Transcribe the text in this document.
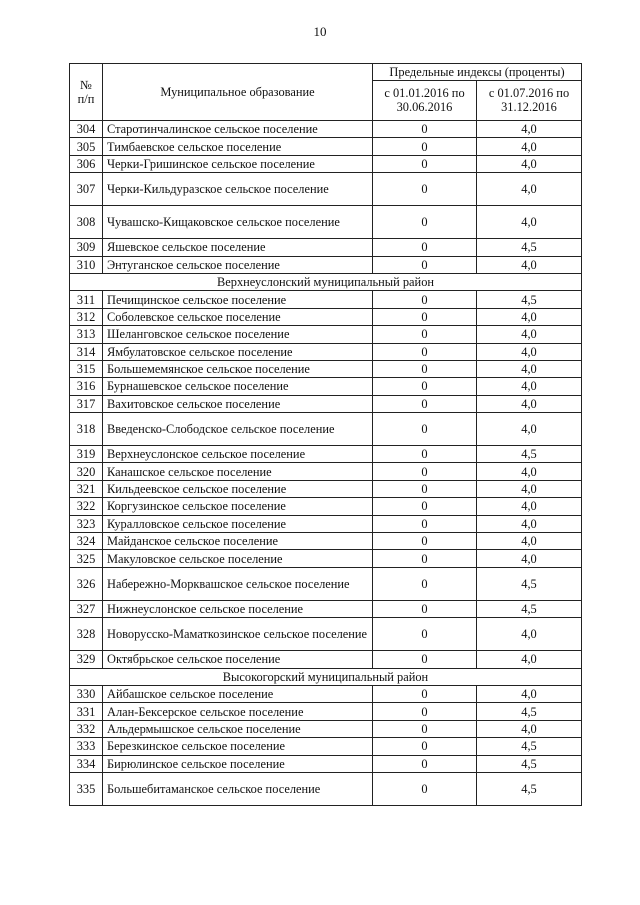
10
№ п/п	Муниципальное образование	Предельные индексы (проценты)	
		с 01.01.2016 по 30.06.2016	с 01.07.2016 по 31.12.2016
304	Старотинчалинское сельское поселение	0	4,0
305	Тимбаевское сельское поселение	0	4,0
306	Черки-Гришинское сельское поселение	0	4,0
307	Черки-Кильдуразское сельское поселение	0	4,0
308	Чувашско-Кищаковское сельское поселение	0	4,0
309	Яшевское сельское поселение	0	4,5
310	Энтуганское сельское поселение	0	4,0
Верхнеуслонский муниципальный район			
311	Печищинское сельское поселение	0	4,5
312	Соболевское сельское поселение	0	4,0
313	Шеланговское сельское поселение	0	4,0
314	Ямбулатовское сельское поселение	0	4,0
315	Большемемянское сельское поселение	0	4,0
316	Бурнашевское сельское поселение	0	4,0
317	Вахитовское сельское поселение	0	4,0
318	Введенско-Слободское сельское поселение	0	4,0
319	Верхнеуслонское сельское поселение	0	4,5
320	Канашское сельское поселение	0	4,0
321	Кильдеевское сельское поселение	0	4,0
322	Коргузинское сельское поселение	0	4,0
323	Куралловское сельское поселение	0	4,0
324	Майданское сельское поселение	0	4,0
325	Макуловское сельское поселение	0	4,0
326	Набережно-Морквашское сельское поселение	0	4,5
327	Нижнеуслонское сельское поселение	0	4,5
328	Новорусско-Маматкозинское сельское поселение	0	4,0
329	Октябрьское сельское поселение	0	4,0
Высокогорский муниципальный район			
330	Айбашское сельское поселение	0	4,0
331	Алан-Бексерское сельское поселение	0	4,5
332	Альдермышское сельское поселение	0	4,0
333	Березкинское сельское поселение	0	4,5
334	Бирюлинское сельское поселение	0	4,5
335	Большебитаманское сельское поселение	0	4,5
